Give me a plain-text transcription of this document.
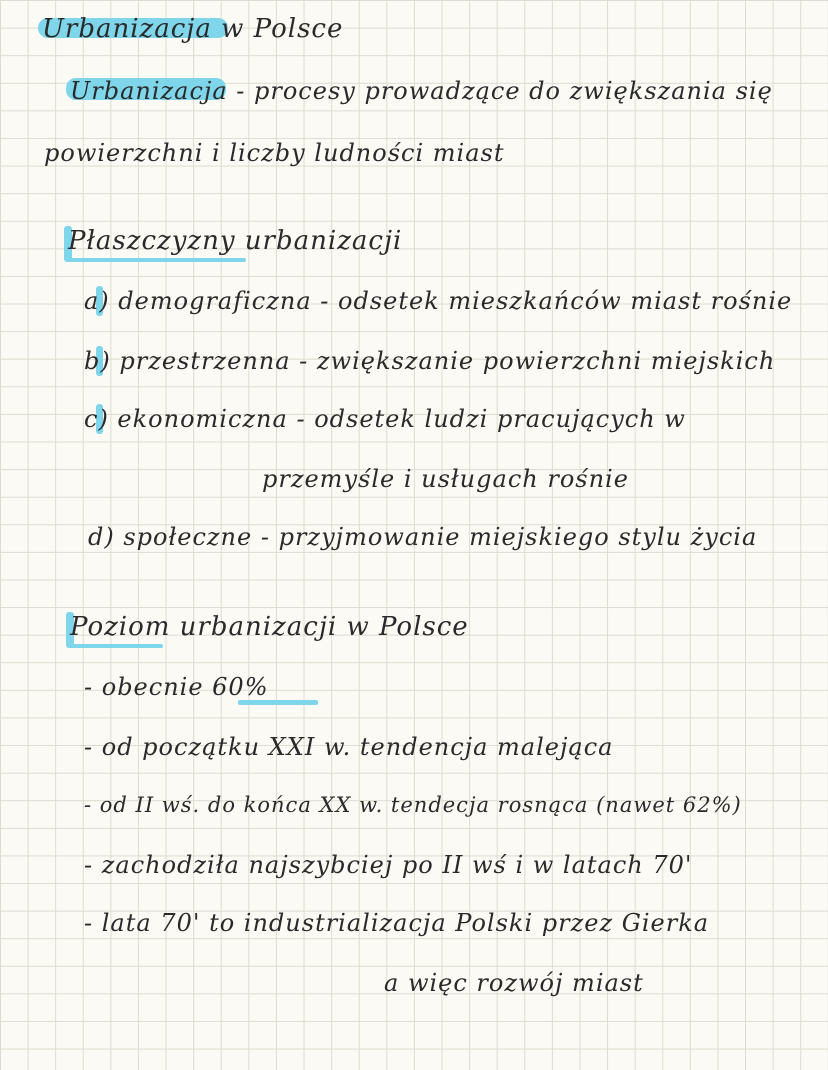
Urbanizacja w Polsce
Urbanizacja - procesy prowadzące do zwiększania się
powierzchni i liczby ludności miast
Płaszczyzny urbanizacji
a) demograficzna - odsetek mieszkańców miast rośnie
b) przestrzenna - zwiększanie powierzchni miejskich
c) ekonomiczna - odsetek ludzi pracujących w
przemyśle i usługach rośnie
d) społeczne - przyjmowanie miejskiego stylu życia
Poziom urbanizacji w Polsce
- obecnie 60%
- od początku XXI w. tendencja malejąca
- od II wś. do końca XX w. tendecja rosnąca (nawet 62%)
- zachodziła najszybciej po II wś i w latach 70'
- lata 70' to industrializacja Polski przez Gierka
a więc rozwój miast
